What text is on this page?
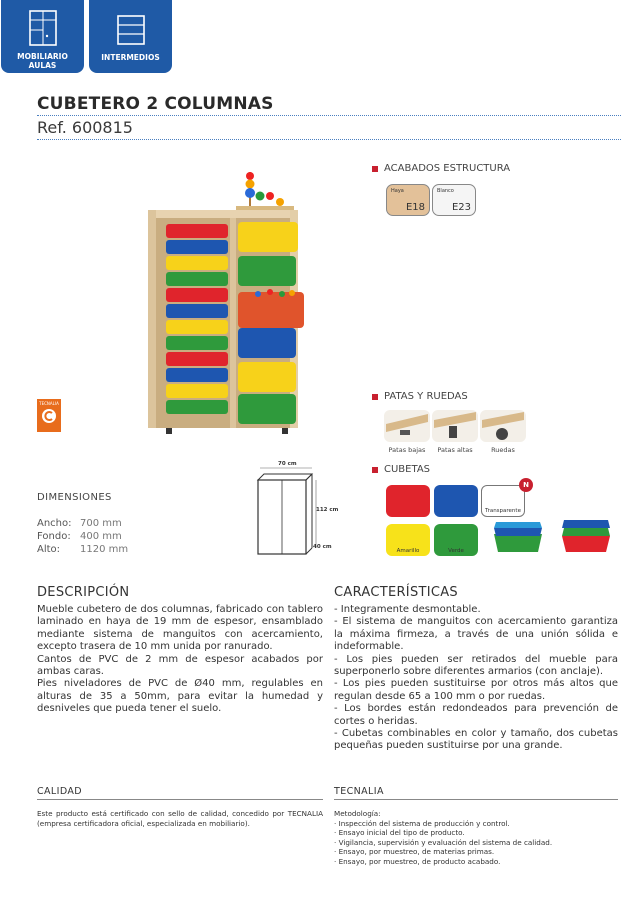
MOBILIARIO
AULAS
INTERMEDIOS
CUBETERO 2 COLUMNAS
Ref. 600815
ACABADOS ESTRUCTURA
Haya
E18
Blanco
E23
TECNALIA
PATAS Y RUEDAS
Patas bajas	Patas altas	Ruedas
CUBETAS
Transparente
N
Amarillo	Verde
DIMENSIONES
Ancho: 700 mm
Fondo: 400 mm
Alto: 1120 mm
70 cm
112 cm
40 cm
DESCRIPCIÓN

Mueble cubetero de dos columnas, fabricado con tablero laminado en haya de 19 mm de espesor, ensamblado mediante sistema de manguitos con acercamiento, excepto trasera de 10 mm unida por ranurado.

Cantos de PVC de 2 mm de espesor acabados por ambas caras.

Pies niveladores de PVC de Ø40 mm, regulables en alturas de 35 a 50mm, para evitar la humedad y desniveles que pueda tener el suelo.

CARACTERÍSTICAS

- Integramente desmontable.

- El sistema de manguitos con acercamiento garantiza la máxima firmeza, a través de una unión sólida e indeformable.

- Los pies pueden ser retirados del mueble para superponerlo sobre diferentes armarios (con anclaje).

- Los pies pueden sustituirse por otros más altos que regulan desde 65 a 100 mm o por ruedas.

- Los bordes están redondeados para prevención de cortes o heridas.

- Cubetas combinables en color y tamaño, dos cubetas pequeñas pueden sustituirse por una grande.

CALIDAD
Este producto está certificado con sello de calidad, concedido por TECNALIA (empresa certificadora oficial, especializada en mobiliario).
TECNALIA
Metodología:
· Inspección del sistema de producción y control.
· Ensayo inicial del tipo de producto.
· Vigilancia, supervisión y evaluación del sistema de calidad.
· Ensayo, por muestreo, de materias primas.
· Ensayo, por muestreo, de producto acabado.
